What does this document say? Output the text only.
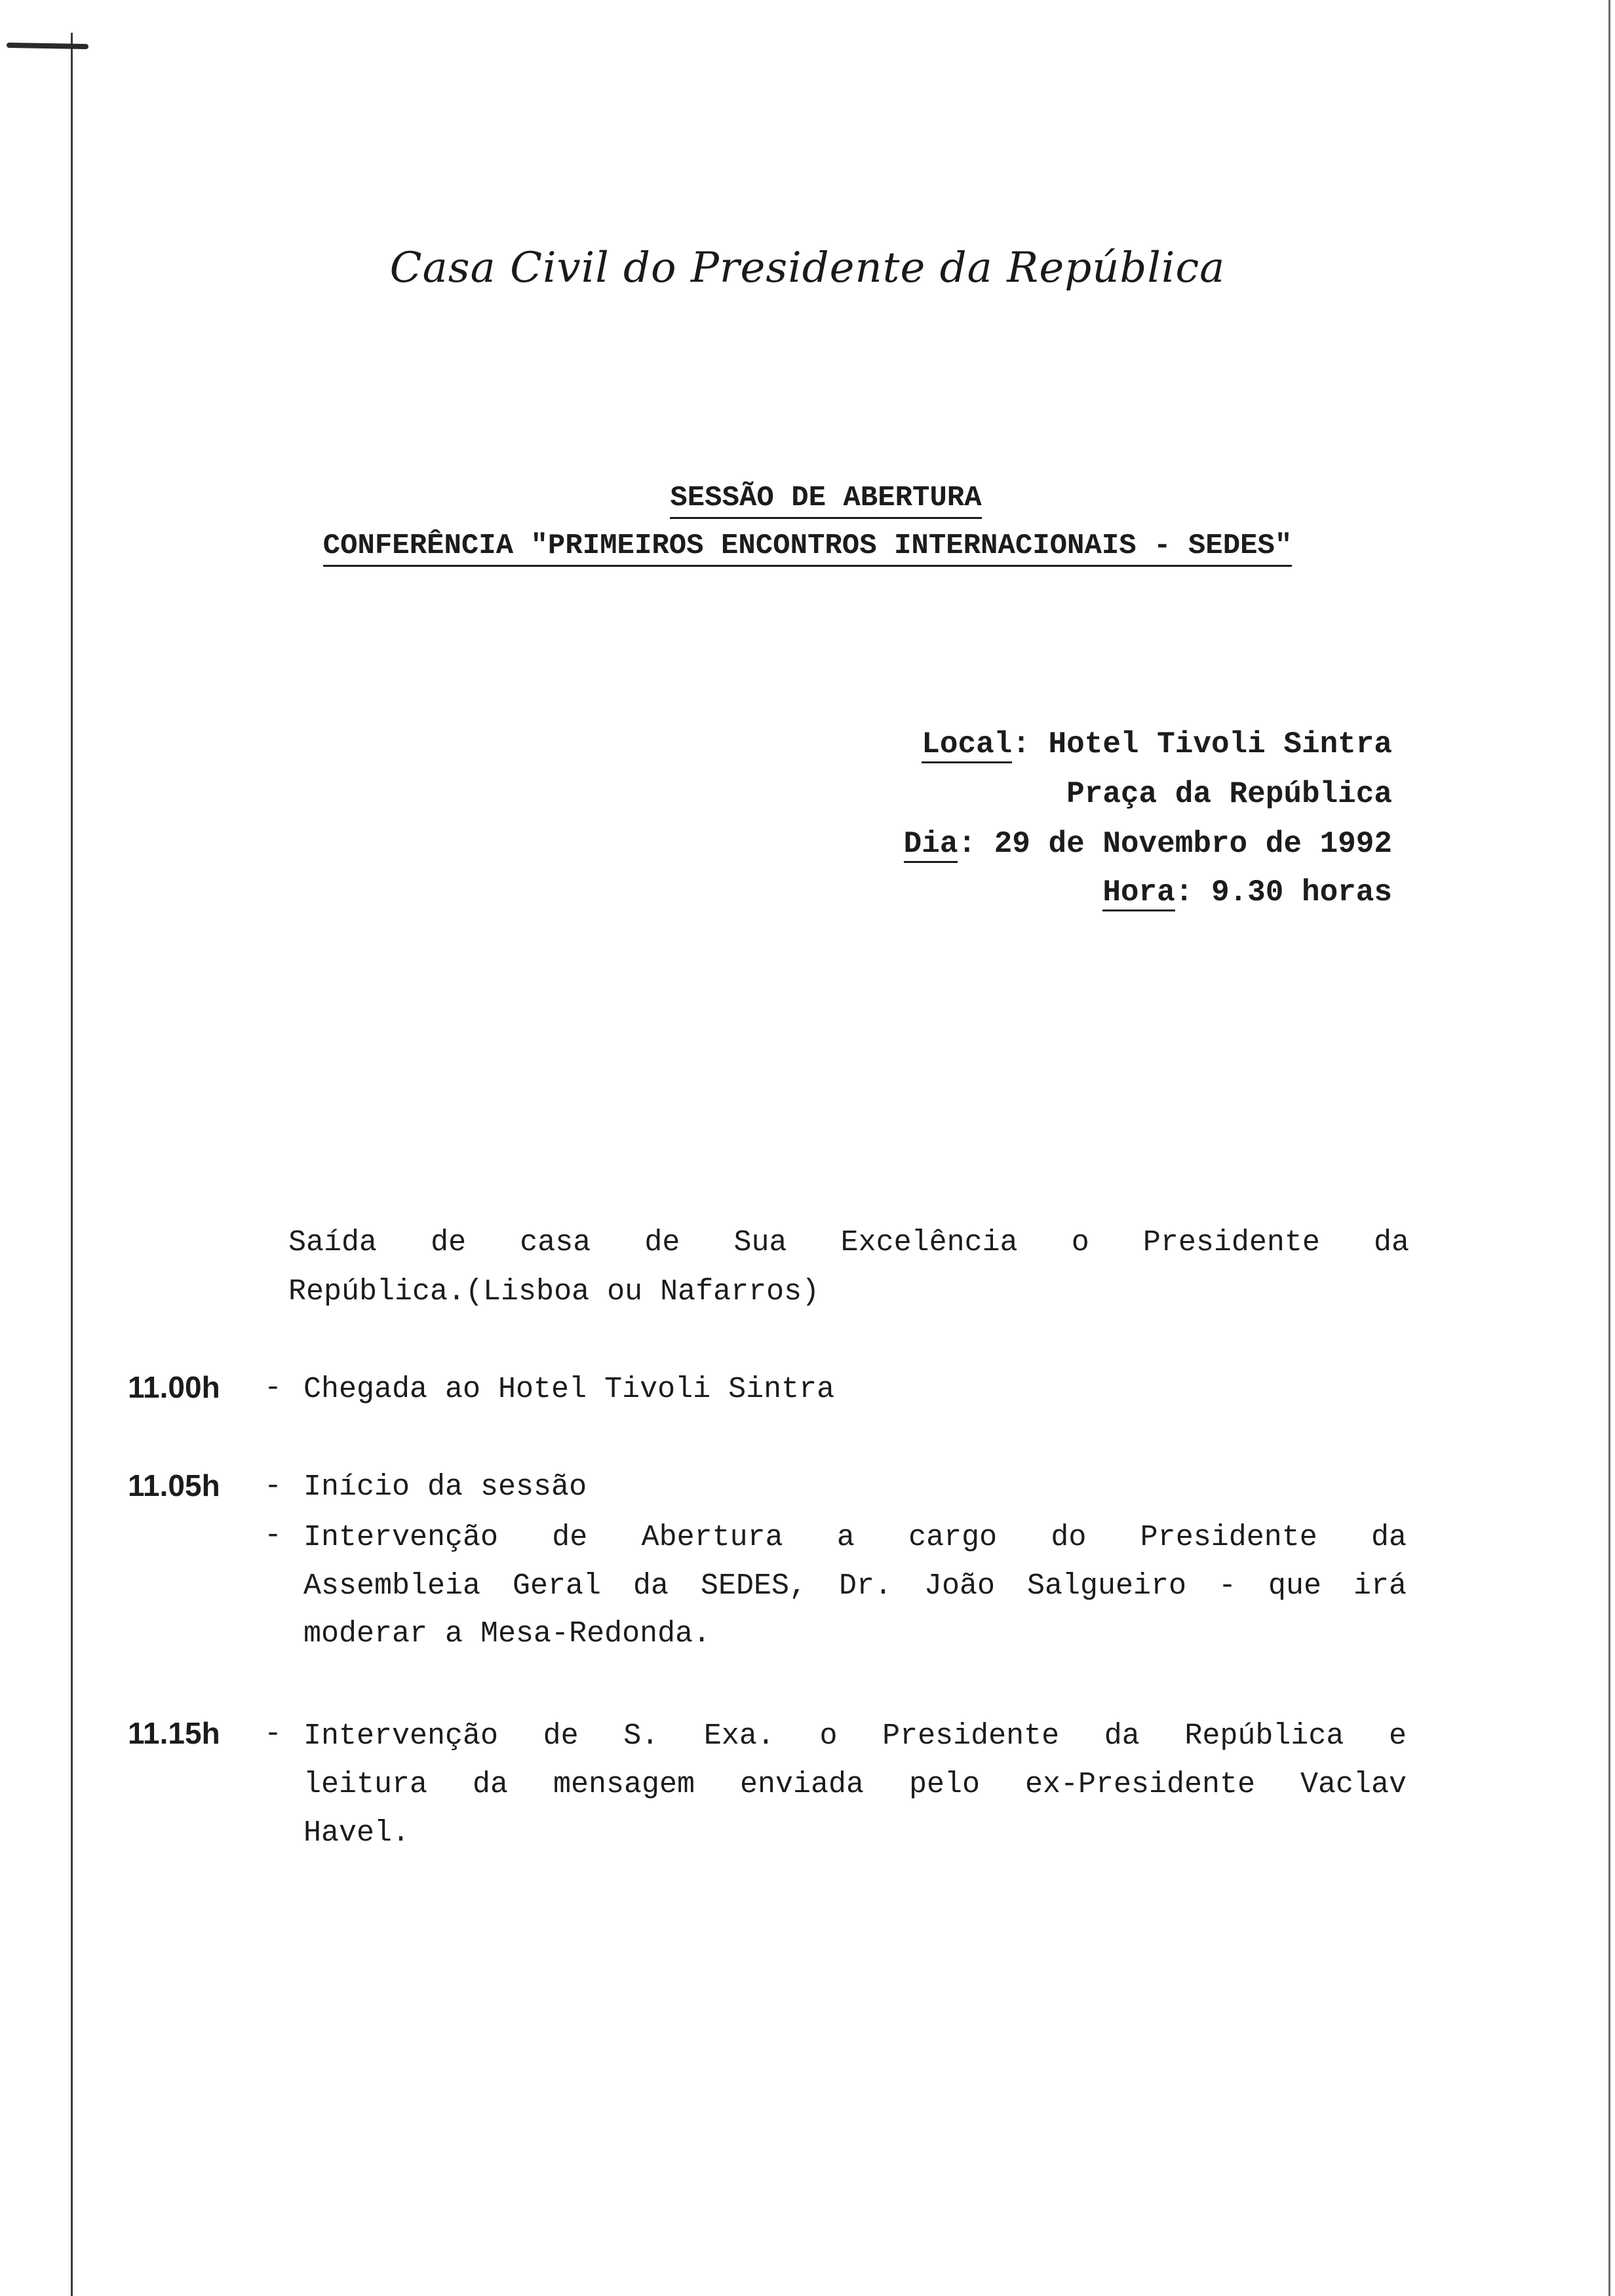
Casa Civil do Presidente da República
SESSÃO DE ABERTURA
CONFERÊNCIA "PRIMEIROS ENCONTROS INTERNACIONAIS - SEDES"
Local: Hotel Tivoli Sintra
Praça da República
Dia: 29 de Novembro de 1992
Hora: 9.30 horas
Saída de casa de Sua Excelência o Presidente da
República.(Lisboa ou Nafarros)
11.00h - Chegada ao Hotel Tivoli Sintra
11.05h - Início da sessão
- Intervenção de Abertura a cargo do Presidente da
Assembleia Geral da SEDES, Dr. João Salgueiro - que irá
moderar a Mesa-Redonda.
11.15h - Intervenção de S. Exa. o Presidente da República e
leitura da mensagem enviada pelo ex-Presidente Vaclav
Havel.
